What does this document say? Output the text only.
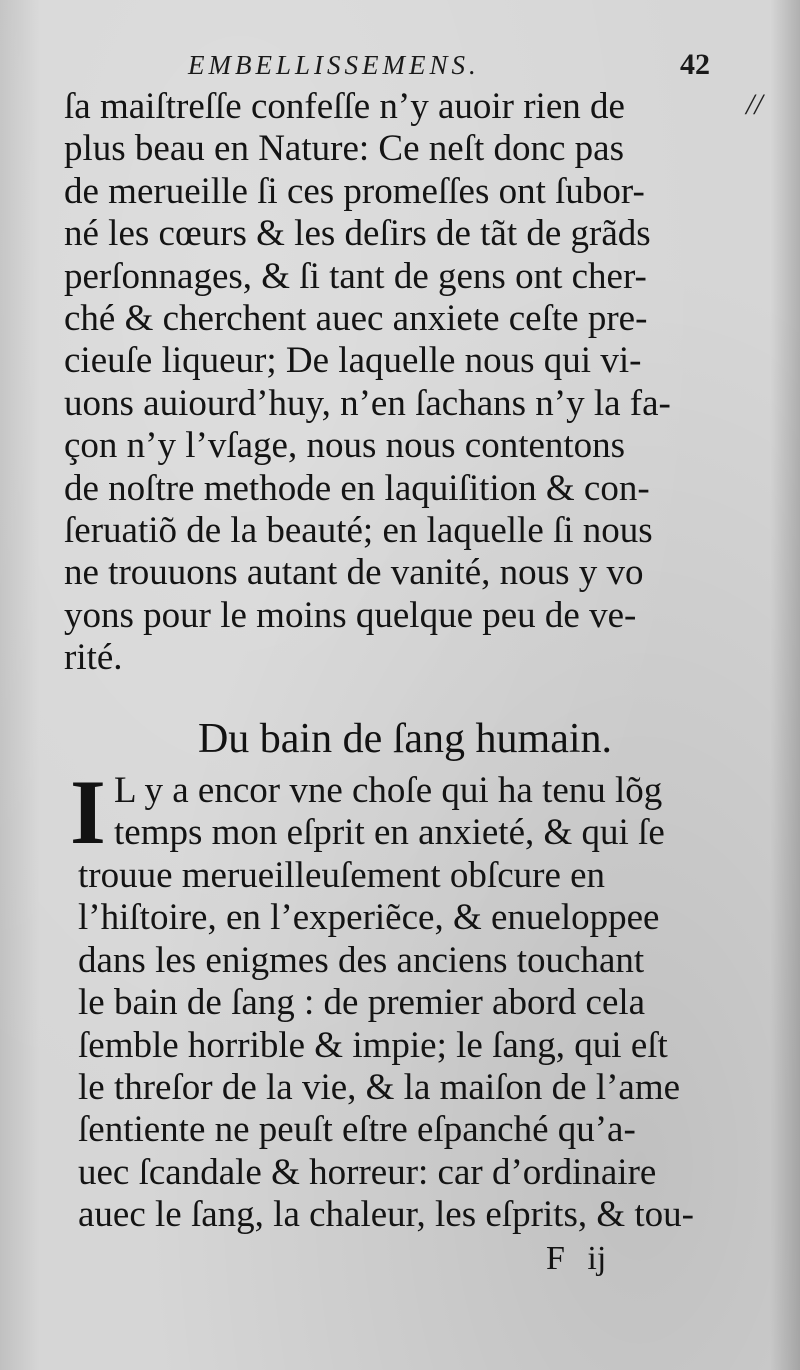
EMBELLISSEMENS.	42
//
ſa maiſtreſſe confeſſe n’y auoir rien de
plus beau en Nature: Ce neſt donc pas
de merueille ſi ces promeſſes ont ſubor-
né les cœurs & les deſirs de tãt de grãds
perſonnages, & ſi tant de gens ont cher-
ché & cherchent auec anxiete ceſte pre-
cieuſe liqueur; De laquelle nous qui vi-
uons auiourd’huy, n’en ſachans n’y la fa-
çon n’y l’vſage, nous nous contentons
de noſtre methode en laquiſition & con-
ſeruatiõ de la beauté; en laquelle ſi nous
ne trouuons autant de vanité, nous y vo
yons pour le moins quelque peu de ve-
rité.
Du bain de ſang humain.
I L y a encor vne choſe qui ha tenu lõg
temps mon eſprit en anxieté, & qui ſe
trouue merueilleuſement obſcure en
l’hiſtoire, en l’experiẽce, & enueloppee
dans les enigmes des anciens touchant
le bain de ſang : de premier abord cela
ſemble horrible & impie; le ſang, qui eſt
le threſor de la vie, & la maiſon de l’ame
ſentiente ne peuſt eſtre eſpanché qu’a-
uec ſcandale & horreur: car d’ordinaire
auec le ſang, la chaleur, les eſprits, & tou-
F ij
